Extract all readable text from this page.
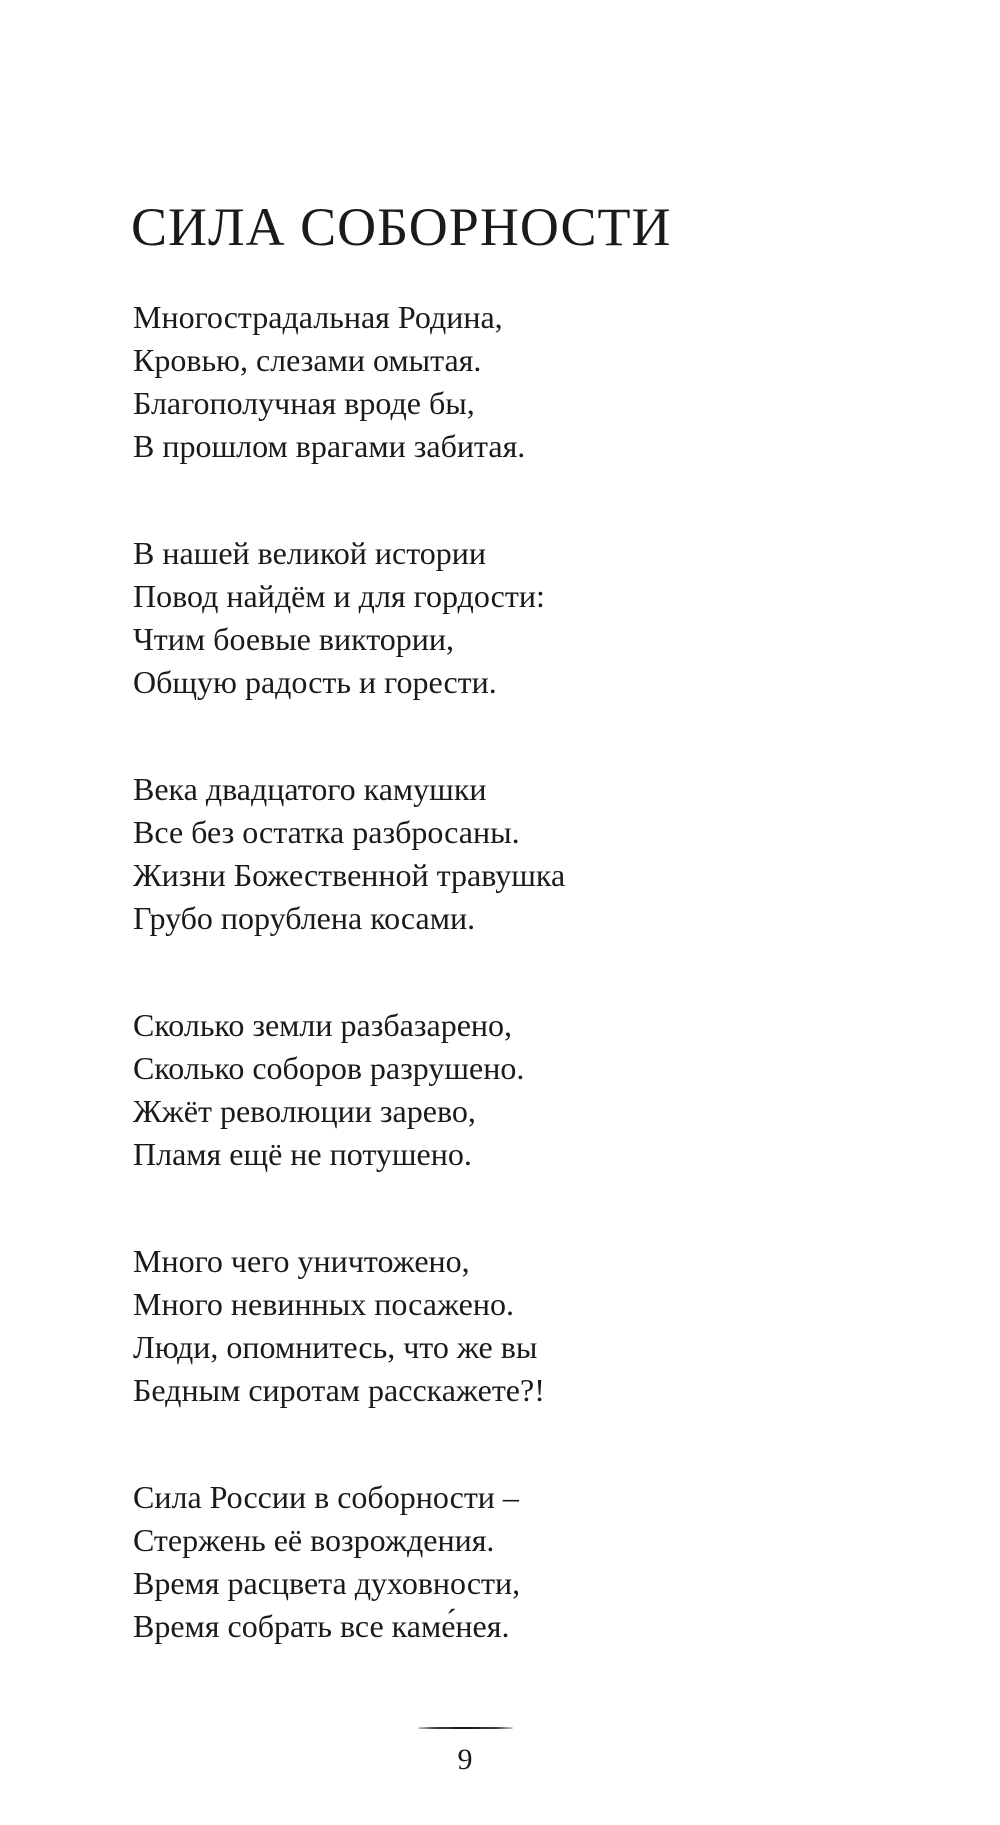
СИЛА СОБОРНОСТИ
Многострадальная Родина,
Кровью, слезами омытая.
Благополучная вроде бы,
В прошлом врагами забитая.
В нашей великой истории
Повод найдём и для гордости:
Чтим боевые виктории,
Общую радость и горести.
Века двадцатого камушки
Все без остатка разбросаны.
Жизни Божественной травушка
Грубо порублена косами.
Сколько земли разбазарено,
Сколько соборов разрушено.
Жжёт революции зарево,
Пламя ещё не потушено.
Много чего уничтожено,
Много невинных посажено.
Люди, опомнитесь, что же вы
Бедным сиротам расскажете?!
Сила России в соборности –
Стержень её возрождения.
Время расцвета духовности,
Время собрать все каме́нея.
9
